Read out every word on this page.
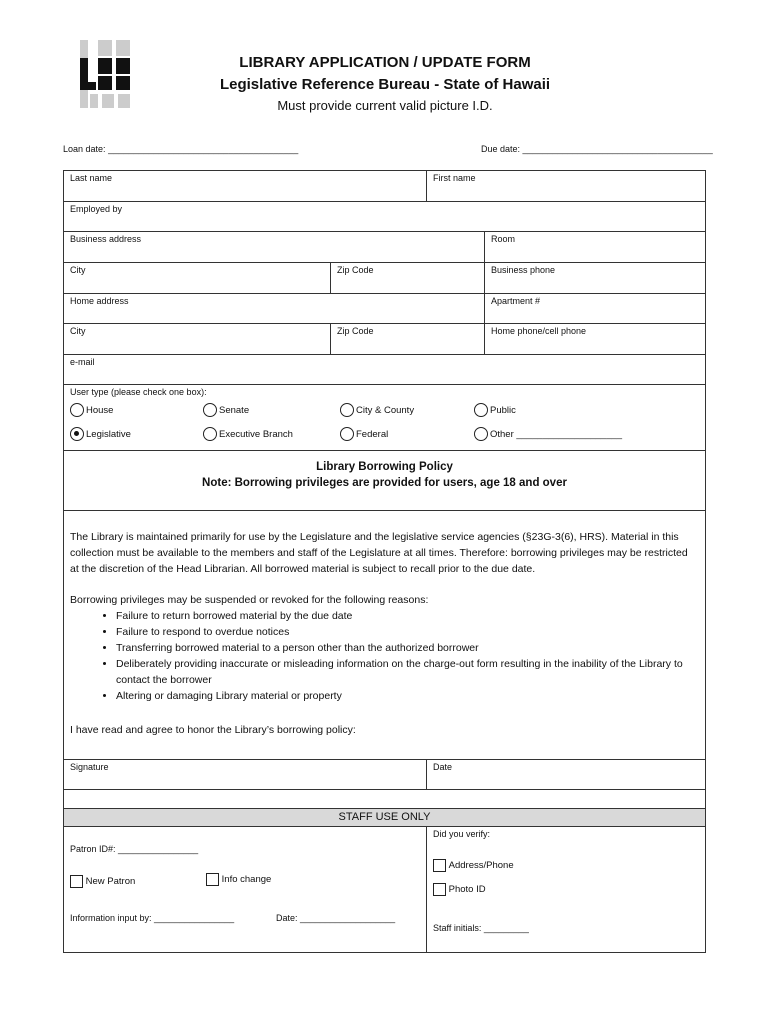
LIBRARY APPLICATION / UPDATE FORM
Legislative Reference Bureau - State of Hawaii
Must provide current valid picture I.D.
Loan date: ______________________________________	Due date: ______________________________________
Last name	First name
Employed by
Business address	Room
City	Zip Code	Business phone
Home address	Apartment #
City	Zip Code	Home phone/cell phone
e-mail
User type (please check one box):
House	Senate	City & County	Public
Legislative	Executive Branch	Federal	Other ____________________
Library Borrowing Policy
Note: Borrowing privileges are provided for users, age 18 and over
The Library is maintained primarily for use by the Legislature and the legislative service agencies (§23G-3(6), HRS). Material in this collection must be available to the members and staff of the Legislature at all times. Therefore: borrowing privileges may be restricted at the discretion of the Head Librarian. All borrowed material is subject to recall prior to the due date.
Borrowing privileges may be suspended or revoked for the following reasons:
• Failure to return borrowed material by the due date
• Failure to respond to overdue notices
• Transferring borrowed material to a person other than the authorized borrower
• Deliberately providing inaccurate or misleading information on the charge-out form resulting in the inability of the Library to contact the borrower
• Altering or damaging Library material or property
I have read and agree to honor the Library’s borrowing policy:
Signature	Date
STAFF USE ONLY
Patron ID#: ________________
New Patron	Info change
Information input by: ________________	Date: ___________________
Did you verify:
Address/Phone
Photo ID
Staff initials: _________
